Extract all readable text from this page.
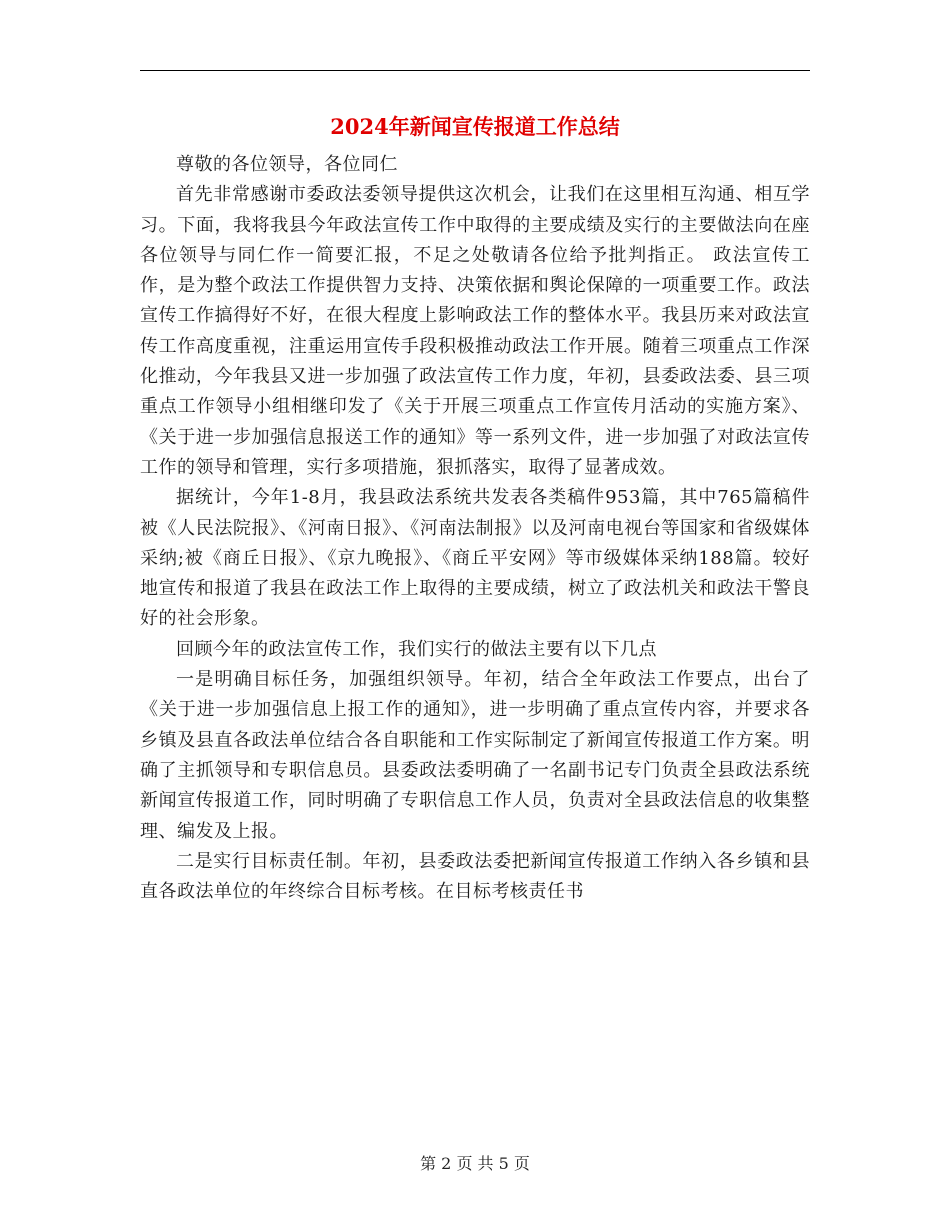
2024年新闻宣传报道工作总结

尊敬的各位领导，各位同仁

首先非常感谢市委政法委领导提供这次机会，让我们在这里相互沟通、相互学习。下面，我将我县今年政法宣传工作中取得的主要成绩及实行的主要做法向在座各位领导与同仁作一简要汇报，不足之处敬请各位给予批判指正。 政法宣传工作，是为整个政法工作提供智力支持、决策依据和舆论保障的一项重要工作。政法宣传工作搞得好不好，在很大程度上影响政法工作的整体水平。我县历来对政法宣传工作高度重视，注重运用宣传手段积极推动政法工作开展。随着三项重点工作深化推动，今年我县又进一步加强了政法宣传工作力度，年初，县委政法委、县三项重点工作领导小组相继印发了《关于开展三项重点工作宣传月活动的实施方案》、《关于进一步加强信息报送工作的通知》等一系列文件，进一步加强了对政法宣传工作的领导和管理，实行多项措施，狠抓落实，取得了显著成效。

据统计，今年1-8月，我县政法系统共发表各类稿件953篇，其中765篇稿件被《人民法院报》、《河南日报》、《河南法制报》以及河南电视台等国家和省级媒体采纳;被《商丘日报》、《京九晚报》、《商丘平安网》等市级媒体采纳188篇。较好地宣传和报道了我县在政法工作上取得的主要成绩，树立了政法机关和政法干警良好的社会形象。

回顾今年的政法宣传工作，我们实行的做法主要有以下几点

一是明确目标任务，加强组织领导。年初，结合全年政法工作要点，出台了《关于进一步加强信息上报工作的通知》，进一步明确了重点宣传内容，并要求各乡镇及县直各政法单位结合各自职能和工作实际制定了新闻宣传报道工作方案。明确了主抓领导和专职信息员。县委政法委明确了一名副书记专门负责全县政法系统新闻宣传报道工作，同时明确了专职信息工作人员，负责对全县政法信息的收集整理、编发及上报。

二是实行目标责任制。年初，县委政法委把新闻宣传报道工作纳入各乡镇和县直各政法单位的年终综合目标考核。在目标考核责任书

第 2 页 共 5 页
